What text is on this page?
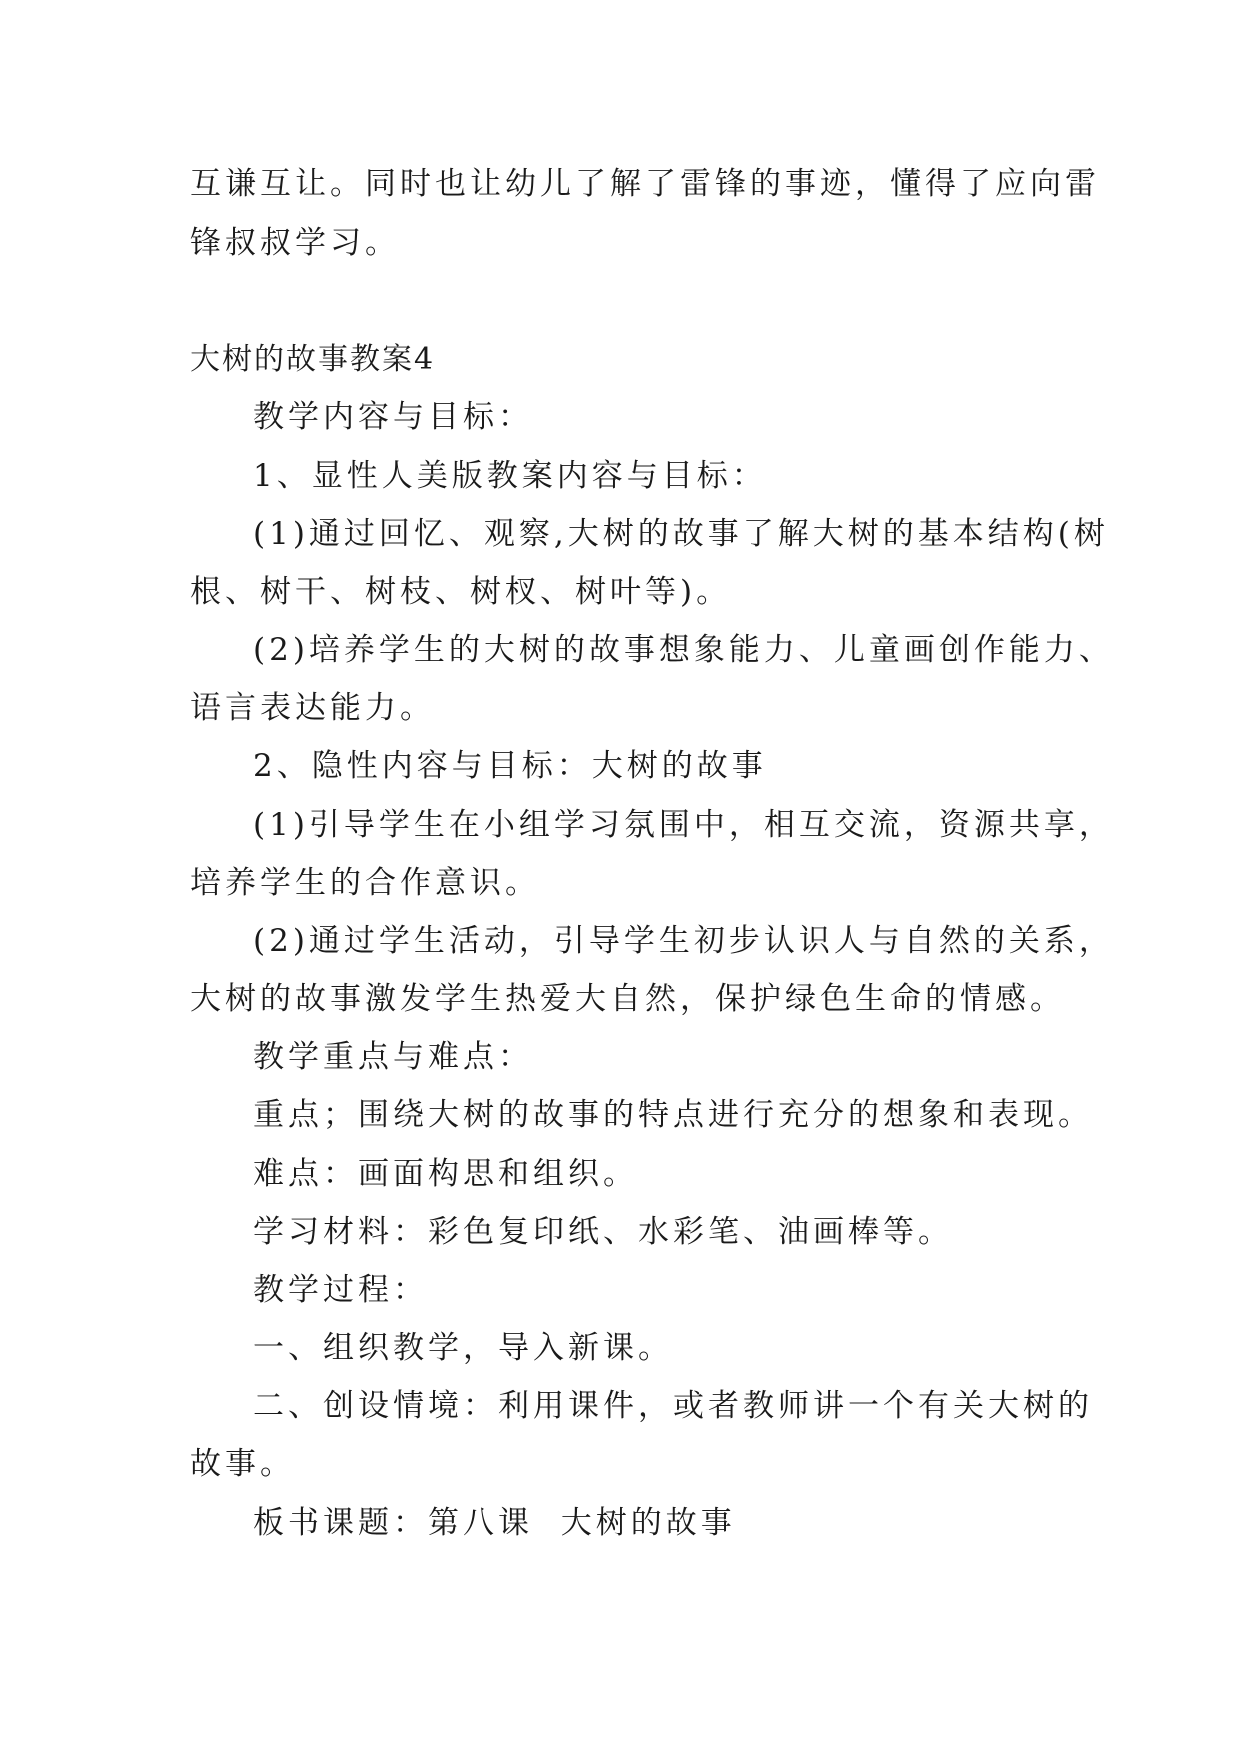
互谦互让。同时也让幼儿了解了雷锋的事迹，懂得了应向雷
锋叔叔学习。
大树的故事教案4
教学内容与目标：
1、显性人美版教案内容与目标：
(1)通过回忆、观察,大树的故事了解大树的基本结构(树
根、树干、树枝、树杈、树叶等)。
(2)培养学生的大树的故事想象能力、儿童画创作能力、
语言表达能力。
2、隐性内容与目标：大树的故事
(1)引导学生在小组学习氛围中，相互交流，资源共享，
培养学生的合作意识。
(2)通过学生活动，引导学生初步认识人与自然的关系，
大树的故事激发学生热爱大自然，保护绿色生命的情感。
教学重点与难点：
重点；围绕大树的故事的特点进行充分的想象和表现。
难点：画面构思和组织。
学习材料：彩色复印纸、水彩笔、油画棒等。
教学过程：
一、组织教学，导入新课。
二、创设情境：利用课件，或者教师讲一个有关大树的
故事。
板书课题：第八课  大树的故事
